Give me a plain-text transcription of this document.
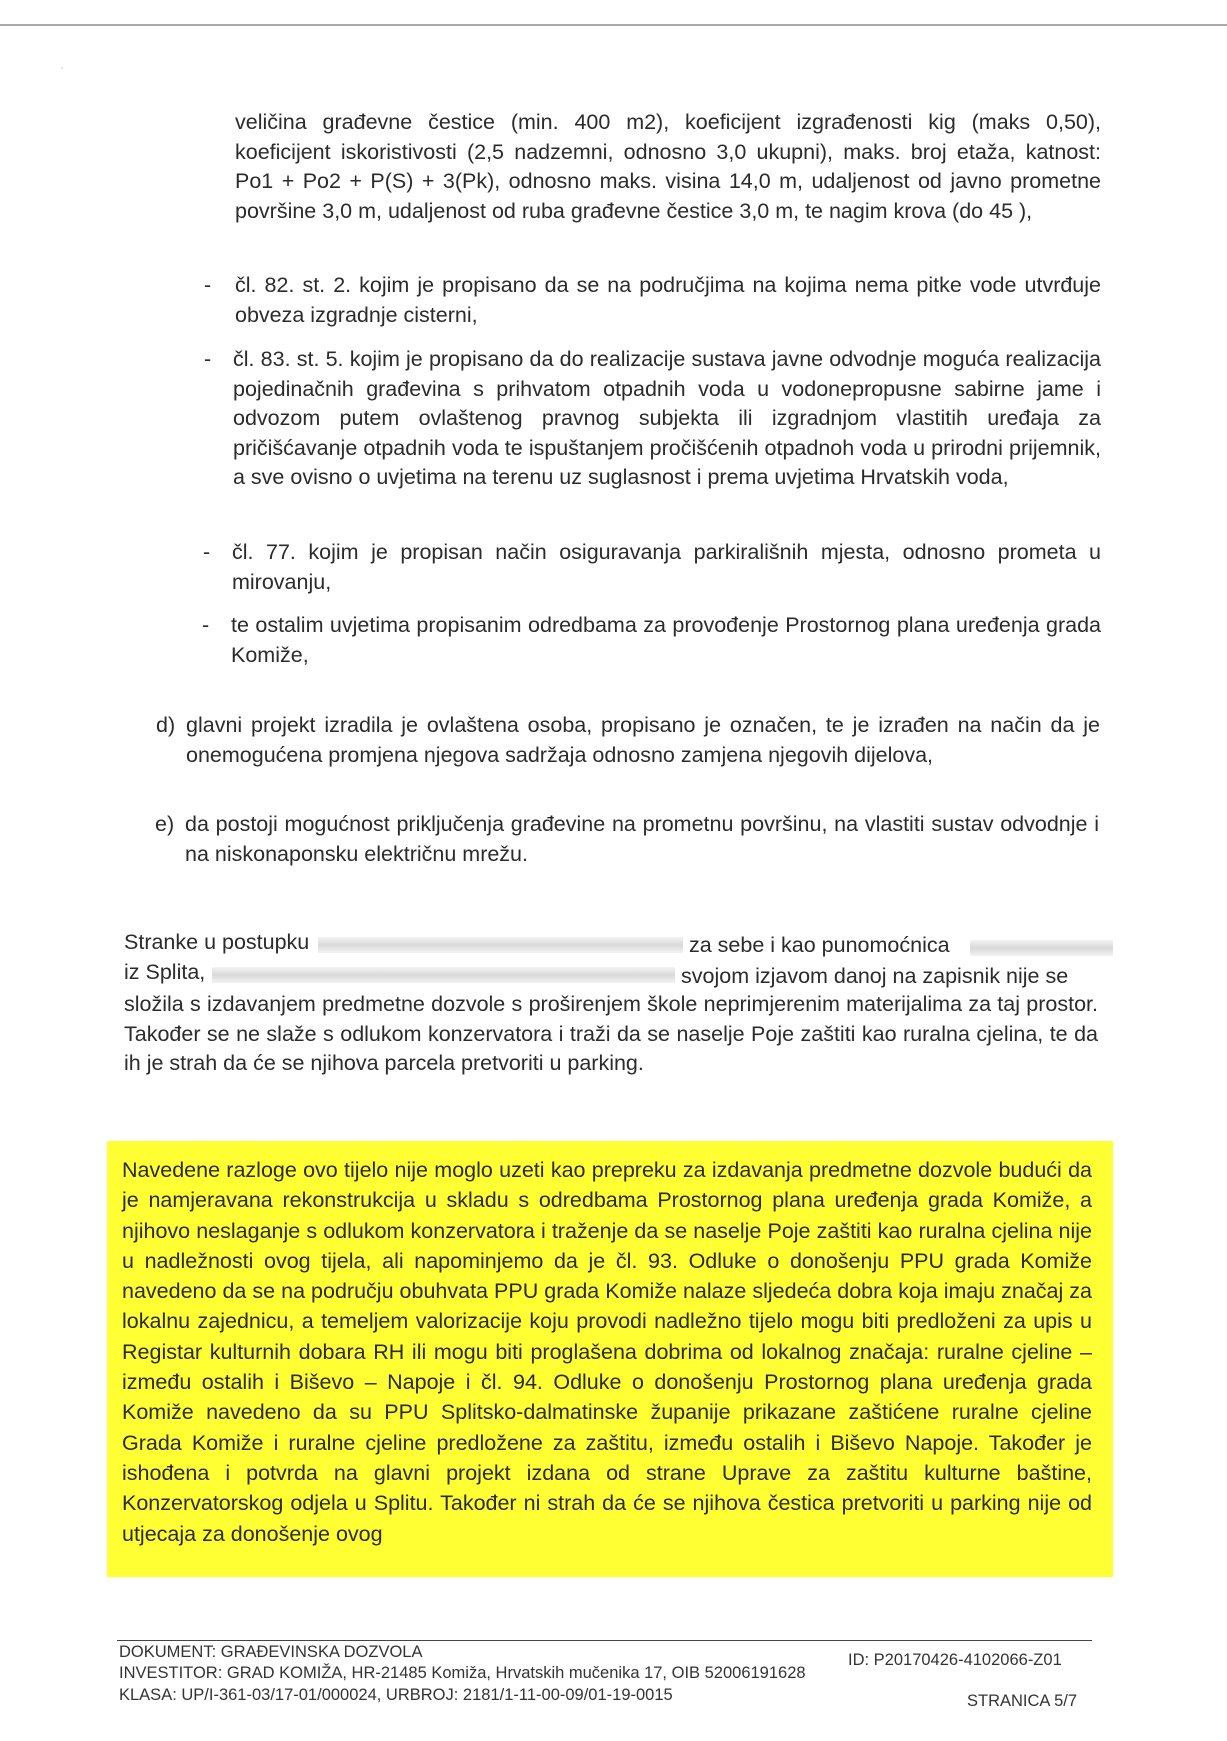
·
veličina građevne čestice (min. 400 m2), koeficijent izgrađenosti kig (maks 0,50), koeficijent iskoristivosti (2,5 nadzemni, odnosno 3,0 ukupni), maks. broj etaža, katnost: Po1 + Po2 + P(S) + 3(Pk), odnosno maks. visina 14,0 m, udaljenost od javno prometne površine 3,0 m, udaljenost od ruba građevne čestice 3,0 m, te nagim krova (do 45 ),
- čl. 82. st. 2. kojim je propisano da se na područjima na kojima nema pitke vode utvrđuje obveza izgradnje cisterni,
- čl. 83. st. 5. kojim je propisano da do realizacije sustava javne odvodnje moguća realizacija pojedinačnih građevina s prihvatom otpadnih voda u vodonepropusne sabirne jame i odvozom putem ovlaštenog pravnog subjekta ili izgradnjom vlastitih uređaja za pričišćavanje otpadnih voda te ispuštanjem pročišćenih otpadnoh voda u prirodni prijemnik, a sve ovisno o uvjetima na terenu uz suglasnost i prema uvjetima Hrvatskih voda,
- čl. 77. kojim je propisan način osiguravanja parkirališnih mjesta, odnosno prometa u mirovanju,
- te ostalim uvjetima propisanim odredbama za provođenje Prostornog plana uređenja grada Komiže,
d) glavni projekt izradila je ovlaštena osoba, propisano je označen, te je izrađen na način da je onemogućena promjena njegova sadržaja odnosno zamjena njegovih dijelova,
e) da postoji mogućnost priključenja građevine na prometnu površinu, na vlastiti sustav odvodnje i na niskonaponsku električnu mrežu.
Stranke u postupku	za sebe i kao punomoćnica
iz Splita,	svojom izjavom danoj na zapisnik nije se
složila s izdavanjem predmetne dozvole s proširenjem škole neprimjerenim materijalima za taj prostor. Također se ne slaže s odlukom konzervatora i traži da se naselje Poje zaštiti kao ruralna cjelina, te da ih je strah da će se njihova parcela pretvoriti u parking.
Navedene razloge ovo tijelo nije moglo uzeti kao prepreku za izdavanja predmetne dozvole budući da je namjeravana rekonstrukcija u skladu s odredbama Prostornog plana uređenja grada Komiže, a njihovo neslaganje s odlukom konzervatora i traženje da se naselje Poje zaštiti kao ruralna cjelina nije u nadležnosti ovog tijela, ali napominjemo da je čl. 93. Odluke o donošenju PPU grada Komiže navedeno da se na području obuhvata PPU grada Komiže nalaze sljedeća dobra koja imaju značaj za lokalnu zajednicu, a temeljem valorizacije koju provodi nadležno tijelo mogu biti predloženi za upis u Registar kulturnih dobara RH ili mogu biti proglašena dobrima od lokalnog značaja: ruralne cjeline – između ostalih i Biševo – Napoje i čl. 94. Odluke o donošenju Prostornog plana uređenja grada Komiže navedeno da su PPU Splitsko-dalmatinske županije prikazane zaštićene ruralne cjeline Grada Komiže i ruralne cjeline predložene za zaštitu, između ostalih i Biševo Napoje. Također je ishođena i potvrda na glavni projekt izdana od strane Uprave za zaštitu kulturne baštine, Konzervatorskog odjela u Splitu. Također ni strah da će se njihova čestica pretvoriti u parking nije od utjecaja za donošenje ovog
DOKUMENT: GRAĐEVINSKA DOZVOLA	ID: P20170426-4102066-Z01
INVESTITOR: GRAD KOMIŽA, HR-21485 Komiža, Hrvatskih mučenika 17, OIB 52006191628
KLASA: UP/I-361-03/17-01/000024, URBROJ: 2181/1-11-00-09/01-19-0015	STRANICA 5/7
